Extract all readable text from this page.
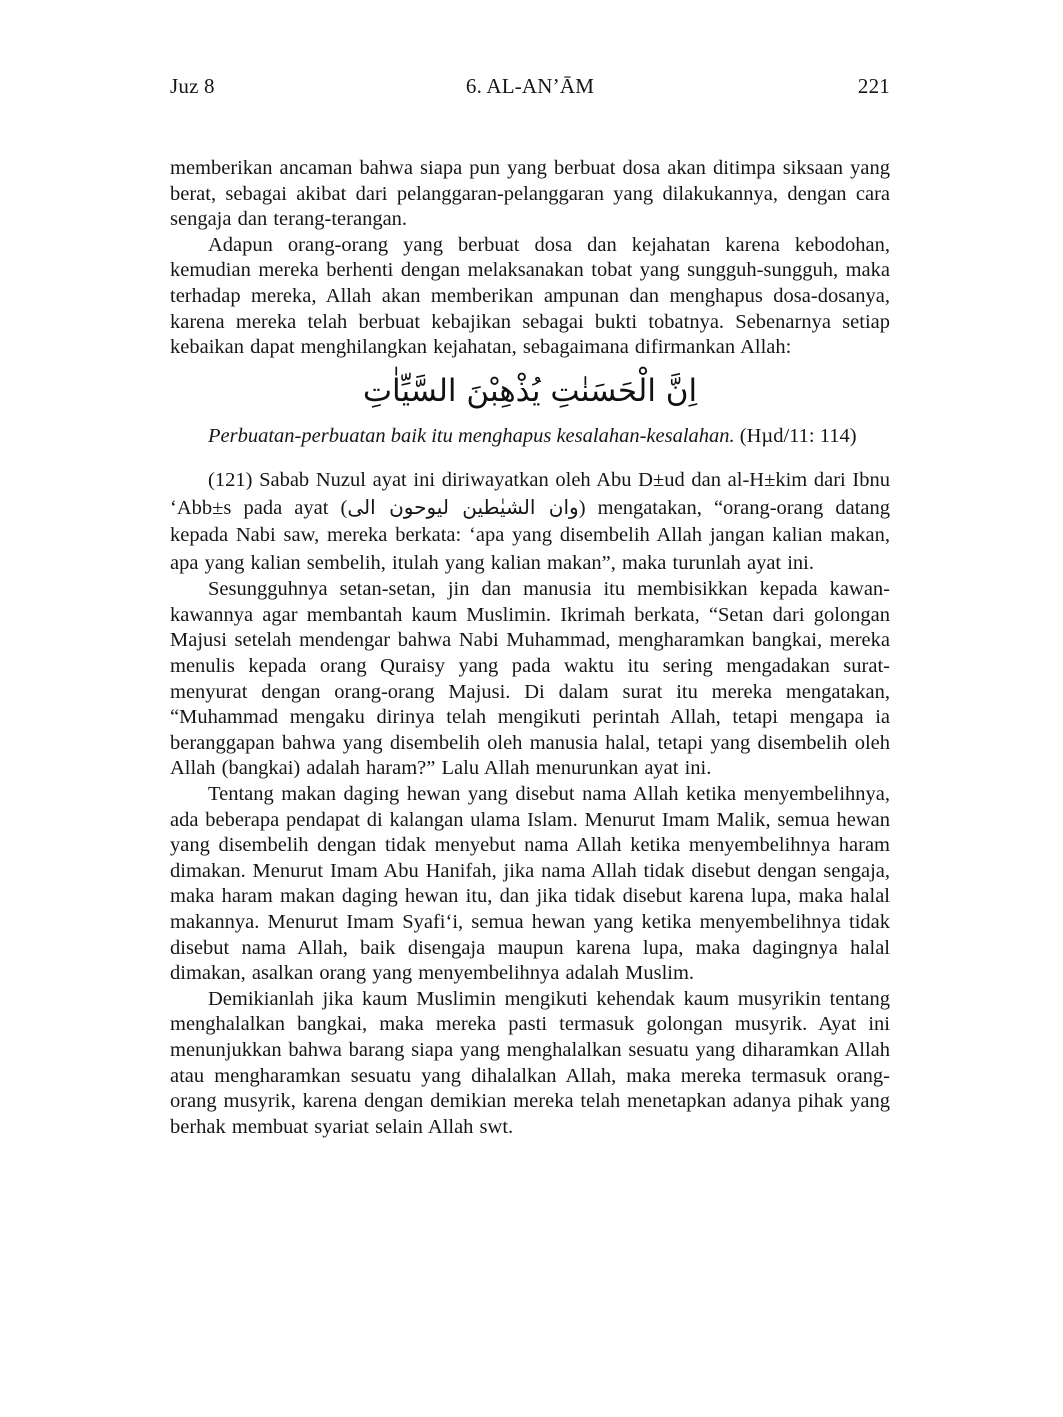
Juz 8	6. AL-AN’ĀM	221

memberikan ancaman bahwa siapa pun yang berbuat dosa akan ditimpa siksaan yang berat, sebagai akibat dari pelanggaran-pelanggaran yang dilakukannya, dengan cara sengaja dan terang-terangan.

Adapun orang-orang yang berbuat dosa dan kejahatan karena kebodohan, kemudian mereka berhenti dengan melaksanakan tobat yang sungguh-sungguh, maka terhadap mereka, Allah akan memberikan ampunan dan menghapus dosa-dosanya, karena mereka telah berbuat kebajikan sebagai bukti tobatnya. Sebenarnya setiap kebaikan dapat menghilangkan kejahatan, sebagaimana difirmankan Allah:

اِنَّ الْحَسَنٰتِ يُذْهِبْنَ السَّيِّاٰتِ

Perbuatan-perbuatan baik itu menghapus kesalahan-kesalahan. (Hµd/11: 114)

(121) Sabab Nuzul ayat ini diriwayatkan oleh Abu D±ud dan al-H±kim dari Ibnu ‘Abb±s pada ayat (وان الشيٰطين ليوحون الى) mengatakan, “orang-orang datang kepada Nabi saw, mereka berkata: ‘apa yang disembelih Allah jangan kalian makan, apa yang kalian sembelih, itulah yang kalian makan”, maka turunlah ayat ini.

Sesungguhnya setan-setan, jin dan manusia itu membisikkan kepada kawan-kawannya agar membantah kaum Muslimin. Ikrimah berkata, “Setan dari golongan Majusi setelah mendengar bahwa Nabi Muhammad, mengharamkan bangkai, mereka menulis kepada orang Quraisy yang pada waktu itu sering mengadakan surat-menyurat dengan orang-orang Majusi. Di dalam surat itu mereka mengatakan, “Muhammad mengaku dirinya telah mengikuti perintah Allah, tetapi mengapa ia beranggapan bahwa yang disembelih oleh manusia halal, tetapi yang disembelih oleh Allah (bangkai) adalah haram?” Lalu Allah menurunkan ayat ini.

Tentang makan daging hewan yang disebut nama Allah ketika menyembelihnya, ada beberapa pendapat di kalangan ulama Islam. Menurut Imam Malik, semua hewan yang disembelih dengan tidak menyebut nama Allah ketika menyembelihnya haram dimakan. Menurut Imam Abu Hanifah, jika nama Allah tidak disebut dengan sengaja, maka haram makan daging hewan itu, dan jika tidak disebut karena lupa, maka halal makannya. Menurut Imam Syafi‘i, semua hewan yang ketika menyembelihnya tidak disebut nama Allah, baik disengaja maupun karena lupa, maka dagingnya halal dimakan, asalkan orang yang menyembelihnya adalah Muslim.

Demikianlah jika kaum Muslimin mengikuti kehendak kaum musyrikin tentang menghalalkan bangkai, maka mereka pasti termasuk golongan musyrik. Ayat ini menunjukkan bahwa barang siapa yang menghalalkan sesuatu yang diharamkan Allah atau mengharamkan sesuatu yang dihalalkan Allah, maka mereka termasuk orang-orang musyrik, karena dengan demikian mereka telah menetapkan adanya pihak yang berhak membuat syariat selain Allah swt.
